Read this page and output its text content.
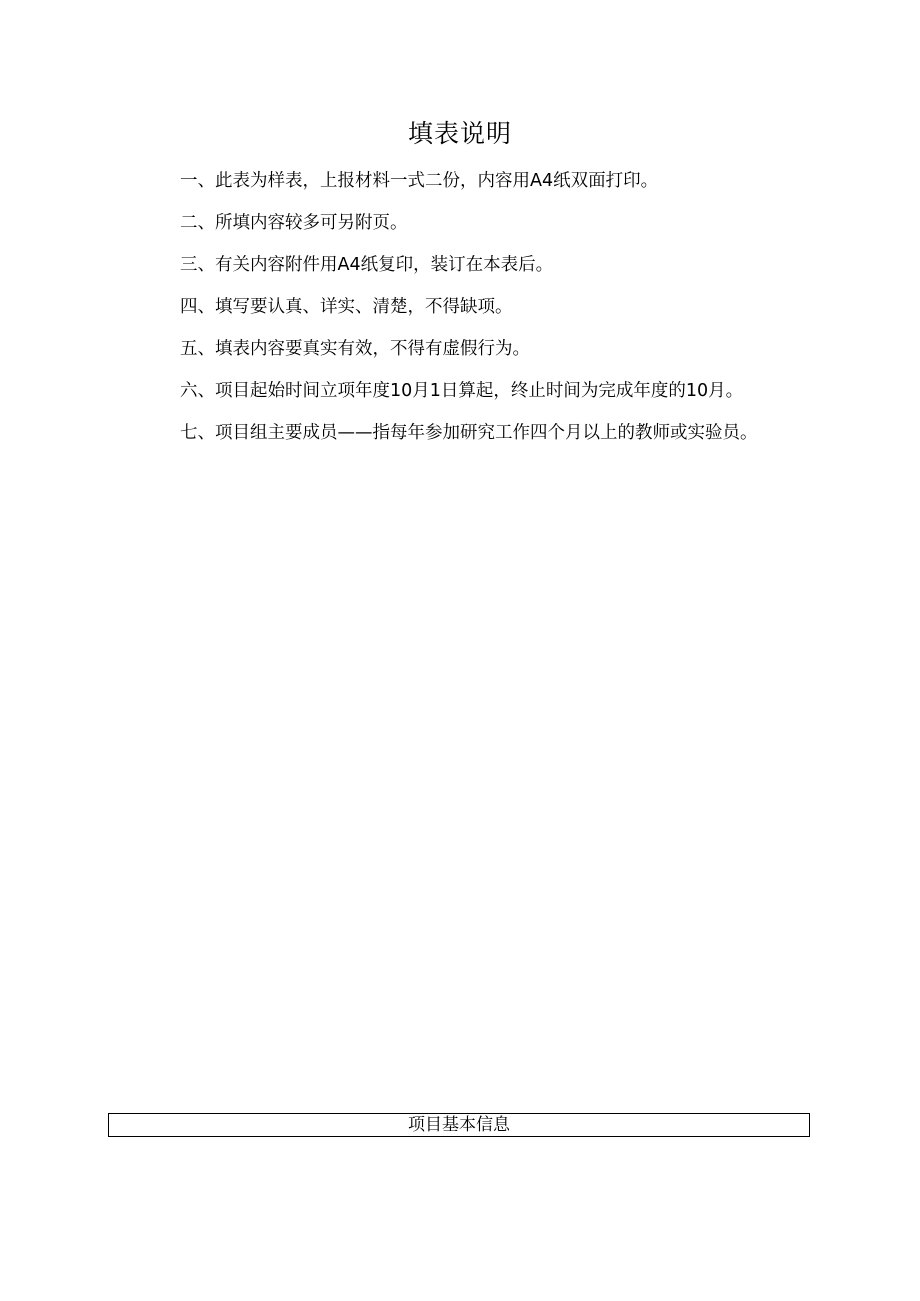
填表说明
一、此表为样表，上报材料一式二份，内容用A4纸双面打印。
二、所填内容较多可另附页。
三、有关内容附件用A4纸复印，装订在本表后。
四、填写要认真、详实、清楚，不得缺项。
五、填表内容要真实有效，不得有虚假行为。
六、项目起始时间立项年度10月1日算起，终止时间为完成年度的10月。
七、项目组主要成员——指每年参加研究工作四个月以上的教师或实验员。
项目基本信息
